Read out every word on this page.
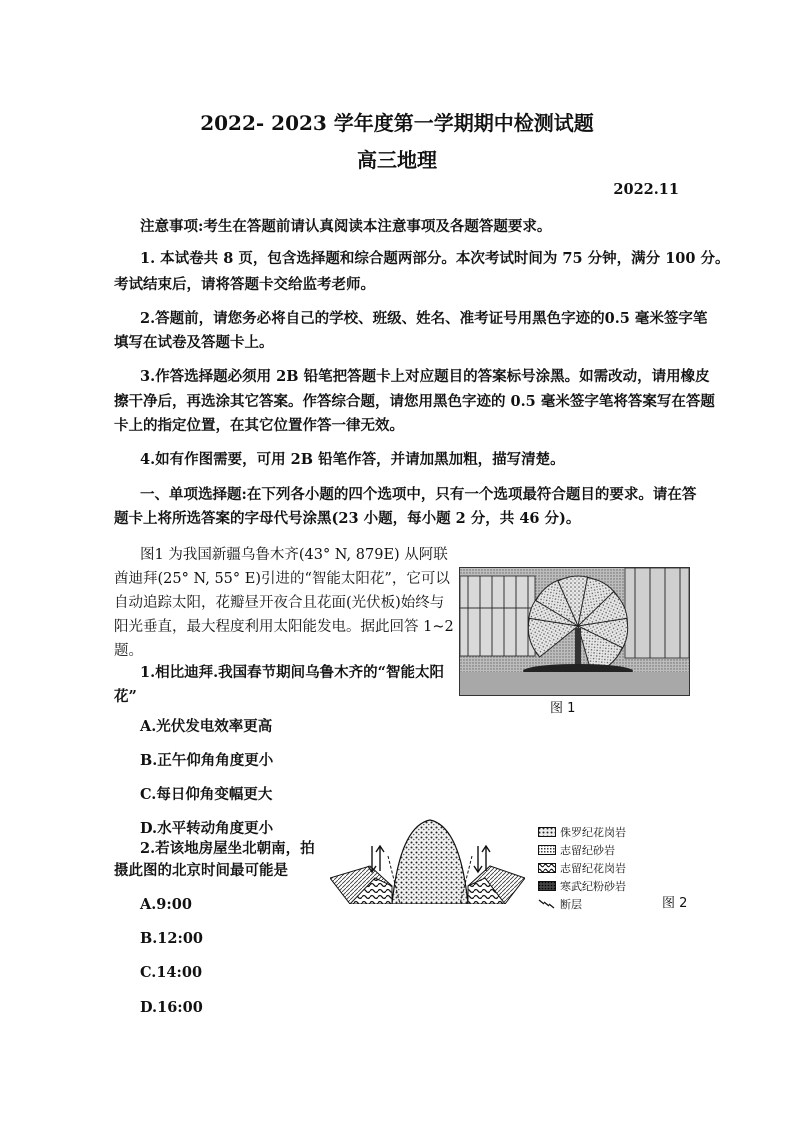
2022- 2023 学年度第一学期期中检测试题
高三地理
2022.11
注意事项:考生在答题前请认真阅读本注意事项及各题答题要求。
1. 本试卷共 8 页，包含选择题和综合题两部分。本次考试时间为 75 分钟，满分 100 分。
考试结束后，请将答题卡交给监考老师。
2.答题前，请您务必将自己的学校、班级、姓名、准考证号用黑色字迹的0.5 毫米签字笔
填写在试卷及答题卡上。
3.作答选择题必须用 2B 铅笔把答题卡上对应题目的答案标号涂黑。如需改动，请用橡皮
擦干净后，再选涂其它答案。作答综合题，请您用黑色字迹的 0.5 毫米签字笔将答案写在答题
卡上的指定位置，在其它位置作答一律无效。
4.如有作图需要，可用 2B 铅笔作答，并请加黑加粗，描写清楚。
一、单项选择题:在下列各小题的四个选项中，只有一个选项最符合题目的要求。请在答
题卡上将所选答案的字母代号涂黑(23 小题，每小题 2 分，共 46 分)。
图1 为我国新疆乌鲁木齐(43° N, 879E) 从阿联
酋迪拜(25° N, 55° E)引进的“智能太阳花”，它可以
自动追踪太阳，花瓣昼开夜合且花面(光伏板)始终与
阳光垂直，最大程度利用太阳能发电。据此回答 1~2
题。
1.相比迪拜.我国春节期间乌鲁木齐的“智能太阳
花”
A.光伏发电效率更高
B.正午仰角角度更小
C.每日仰角变幅更大
D.水平转动角度更小
2.若该地房屋坐北朝南，拍
摄此图的北京时间最可能是
A.9:00
B.12:00
C.14:00
D.16:00
图 1
侏罗纪花岗岩
志留纪砂岩
志留纪花岗岩
寒武纪粉砂岩
断层	图 2
